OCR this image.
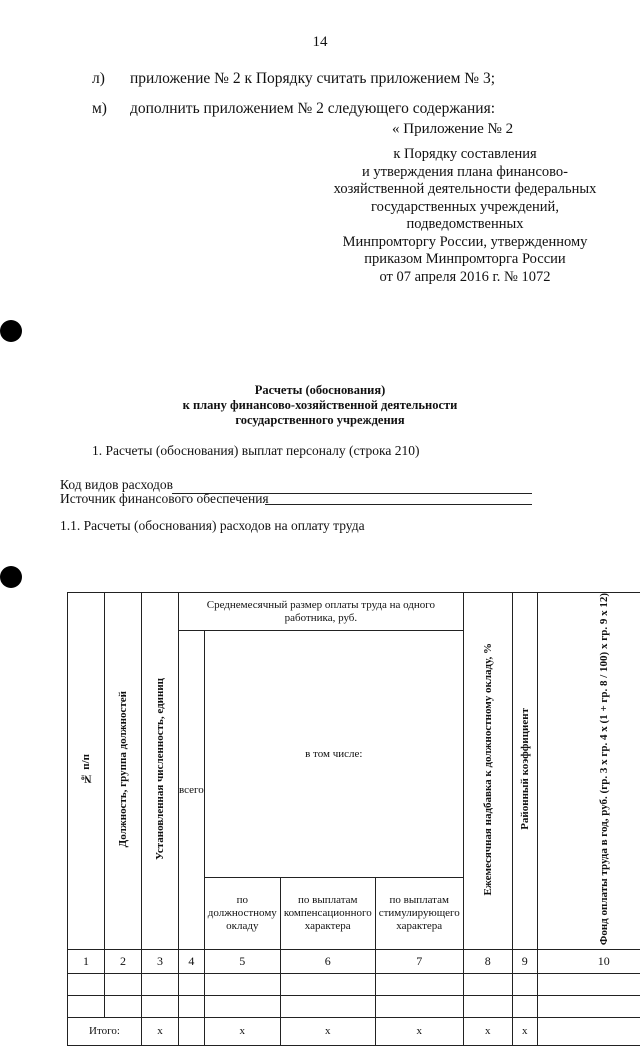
14
л) приложение № 2 к Порядку считать приложением № 3;
м) дополнить приложением № 2 следующего содержания:
« Приложение № 2
к Порядку составления
и утверждения плана финансово-
хозяйственной деятельности федеральных
государственных учреждений,
подведомственных
Минпромторгу России, утвержденному
приказом Минпромторга России
от 07 апреля 2016 г. № 1072
Расчеты (обоснования)
к плану финансово-хозяйственной деятельности
государственного учреждения
1. Расчеты (обоснования) выплат персоналу (строка 210)
Код видов расходов
Источник финансового обеспечения
1.1. Расчеты (обоснования) расходов на оплату труда
№ п/п	Должность, группа должностей	Установленная численность, единиц	Среднемесячный размер оплаты труда на одного работника, руб.				Ежемесячная надбавка к должностному окладу, %	Районный коэффициент	Фонд оплаты труда в год, руб. (гр. 3 х гр. 4 х (1 + гр. 8 / 100) х гр. 9 х 12)
			всего	в том числе:					
				по должностному окладу	по выплатам компенсационного характера	по выплатам стимулирующего характера			
1	2	3	4	5	6	7	8	9	10

Итого:		х		х	х	х	х	х	
